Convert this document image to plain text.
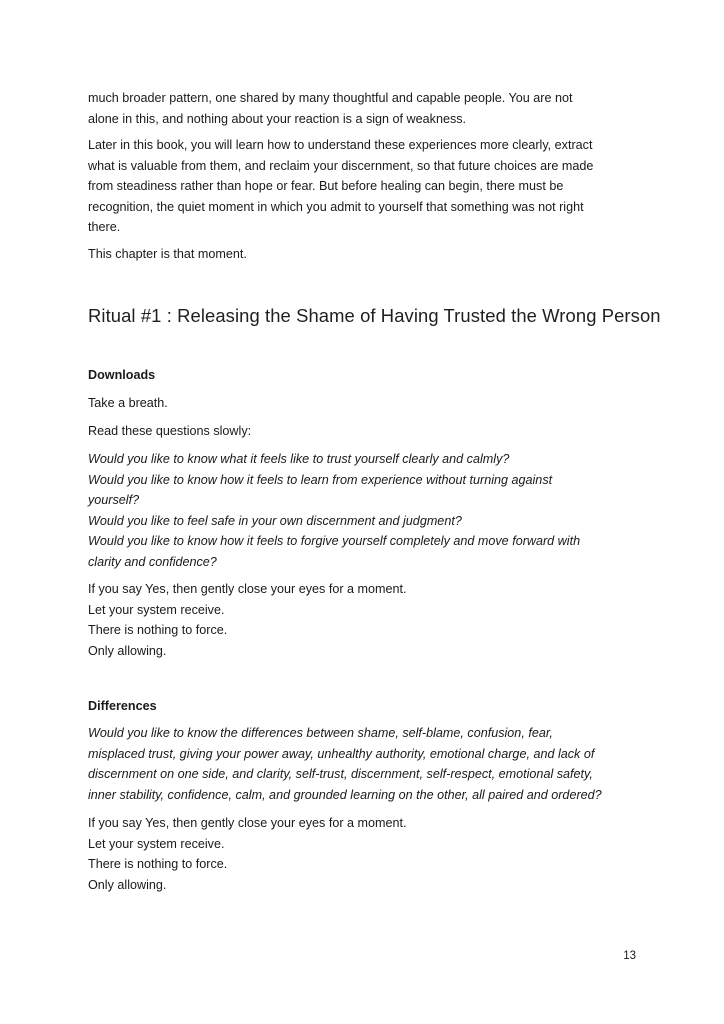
much broader pattern, one shared by many thoughtful and capable people. You are not

alone in this, and nothing about your reaction is a sign of weakness.

Later in this book, you will learn how to understand these experiences more clearly, extract

what is valuable from them, and reclaim your discernment, so that future choices are made

from steadiness rather than hope or fear. But before healing can begin, there must be

recognition, the quiet moment in which you admit to yourself that something was not right

there.

This chapter is that moment.

Ritual #1 : Releasing the Shame of Having Trusted the Wrong Person

Downloads

Take a breath.

Read these questions slowly:

Would you like to know what it feels like to trust yourself clearly and calmly?

Would you like to know how it feels to learn from experience without turning against

yourself?

Would you like to feel safe in your own discernment and judgment?

Would you like to know how it feels to forgive yourself completely and move forward with

clarity and confidence?

If you say Yes, then gently close your eyes for a moment.

Let your system receive.

There is nothing to force.

Only allowing.

Differences

Would you like to know the differences between shame, self-blame, confusion, fear,

misplaced trust, giving your power away, unhealthy authority, emotional charge, and lack of

discernment on one side, and clarity, self-trust, discernment, self-respect, emotional safety,

inner stability, confidence, calm, and grounded learning on the other, all paired and ordered?

If you say Yes, then gently close your eyes for a moment.

Let your system receive.

There is nothing to force.

Only allowing.

13
